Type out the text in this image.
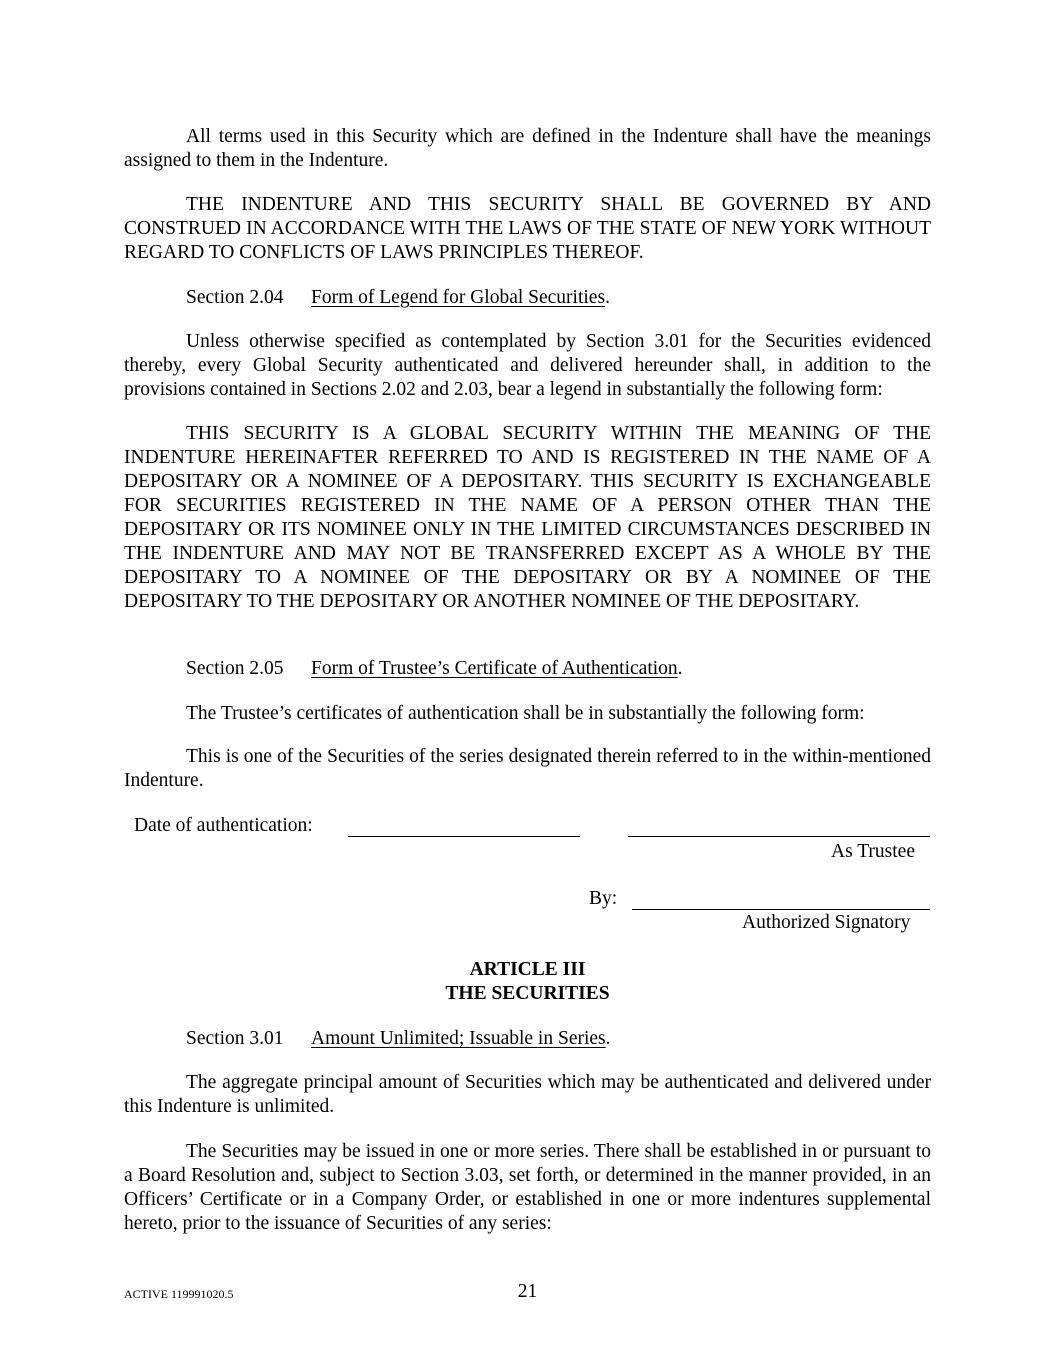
All terms used in this Security which are defined in the Indenture shall have the meanings assigned to them in the Indenture.

THE INDENTURE AND THIS SECURITY SHALL BE GOVERNED BY AND CONSTRUED IN ACCORDANCE WITH THE LAWS OF THE STATE OF NEW YORK WITHOUT REGARD TO CONFLICTS OF LAWS PRINCIPLES THEREOF.

Section 2.04 Form of Legend for Global Securities.

Unless otherwise specified as contemplated by Section 3.01 for the Securities evidenced thereby, every Global Security authenticated and delivered hereunder shall, in addition to the provisions contained in Sections 2.02 and 2.03, bear a legend in substantially the following form:

THIS SECURITY IS A GLOBAL SECURITY WITHIN THE MEANING OF THE INDENTURE HEREINAFTER REFERRED TO AND IS REGISTERED IN THE NAME OF A DEPOSITARY OR A NOMINEE OF A DEPOSITARY. THIS SECURITY IS EXCHANGEABLE FOR SECURITIES REGISTERED IN THE NAME OF A PERSON OTHER THAN THE DEPOSITARY OR ITS NOMINEE ONLY IN THE LIMITED CIRCUMSTANCES DESCRIBED IN THE INDENTURE AND MAY NOT BE TRANSFERRED EXCEPT AS A WHOLE BY THE DEPOSITARY TO A NOMINEE OF THE DEPOSITARY OR BY A NOMINEE OF THE DEPOSITARY TO THE DEPOSITARY OR ANOTHER NOMINEE OF THE DEPOSITARY.

Section 2.05 Form of Trustee’s Certificate of Authentication.

The Trustee’s certificates of authentication shall be in substantially the following form:

This is one of the Securities of the series designated therein referred to in the within-mentioned Indenture.

Date of authentication:
As Trustee
By:
Authorized Signatory
ARTICLE III
THE SECURITIES
Section 3.01 Amount Unlimited; Issuable in Series.

The aggregate principal amount of Securities which may be authenticated and delivered under this Indenture is unlimited.

The Securities may be issued in one or more series. There shall be established in or pursuant to a Board Resolution and, subject to Section 3.03, set forth, or determined in the manner provided, in an Officers’ Certificate or in a Company Order, or established in one or more indentures supplemental hereto, prior to the issuance of Securities of any series:

ACTIVE 119991020.5	21
